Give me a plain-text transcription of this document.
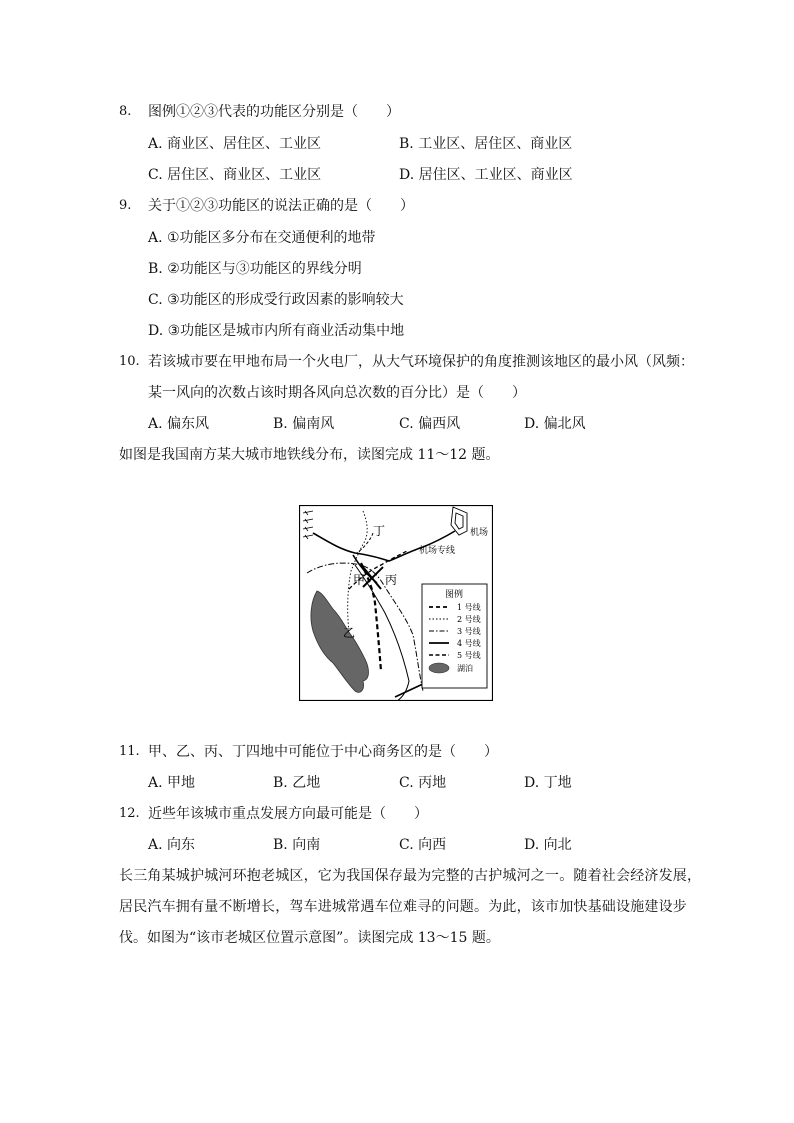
8. 图例①②③代表的功能区分别是（　　）
A. 商业区、居住区、工业区	B. 工业区、居住区、商业区
C. 居住区、商业区、工业区	D. 居住区、工业区、商业区
9. 关于①②③功能区的说法正确的是（　　）
A. ①功能区多分布在交通便利的地带
B. ②功能区与③功能区的界线分明
C. ③功能区的形成受行政因素的影响较大
D. ③功能区是城市内所有商业活动集中地
10. 若该城市要在甲地布局一个火电厂，从大气环境保护的角度推测该地区的最小风（风频：
某一风向的次数占该时期各风向总次数的百分比）是（　　）
A. 偏东风	B. 偏南风	C. 偏西风	D. 偏北风
如图是我国南方某大城市地铁线分布，读图完成 11～12 题。
丁
甲 丙
乙
机场
机场专线
图例
1 号线
2 号线
3 号线
4 号线
5 号线
湖泊
11. 甲、乙、丙、丁四地中可能位于中心商务区的是（　　）
A. 甲地	B. 乙地	C. 丙地	D. 丁地
12. 近些年该城市重点发展方向最可能是（　　）
A. 向东	B. 向南	C. 向西	D. 向北
长三角某城护城河环抱老城区，它为我国保存最为完整的古护城河之一。随着社会经济发展，
居民汽车拥有量不断增长，驾车进城常遇车位难寻的问题。为此，该市加快基础设施建设步
伐。如图为“该市老城区位置示意图”。读图完成 13～15 题。
